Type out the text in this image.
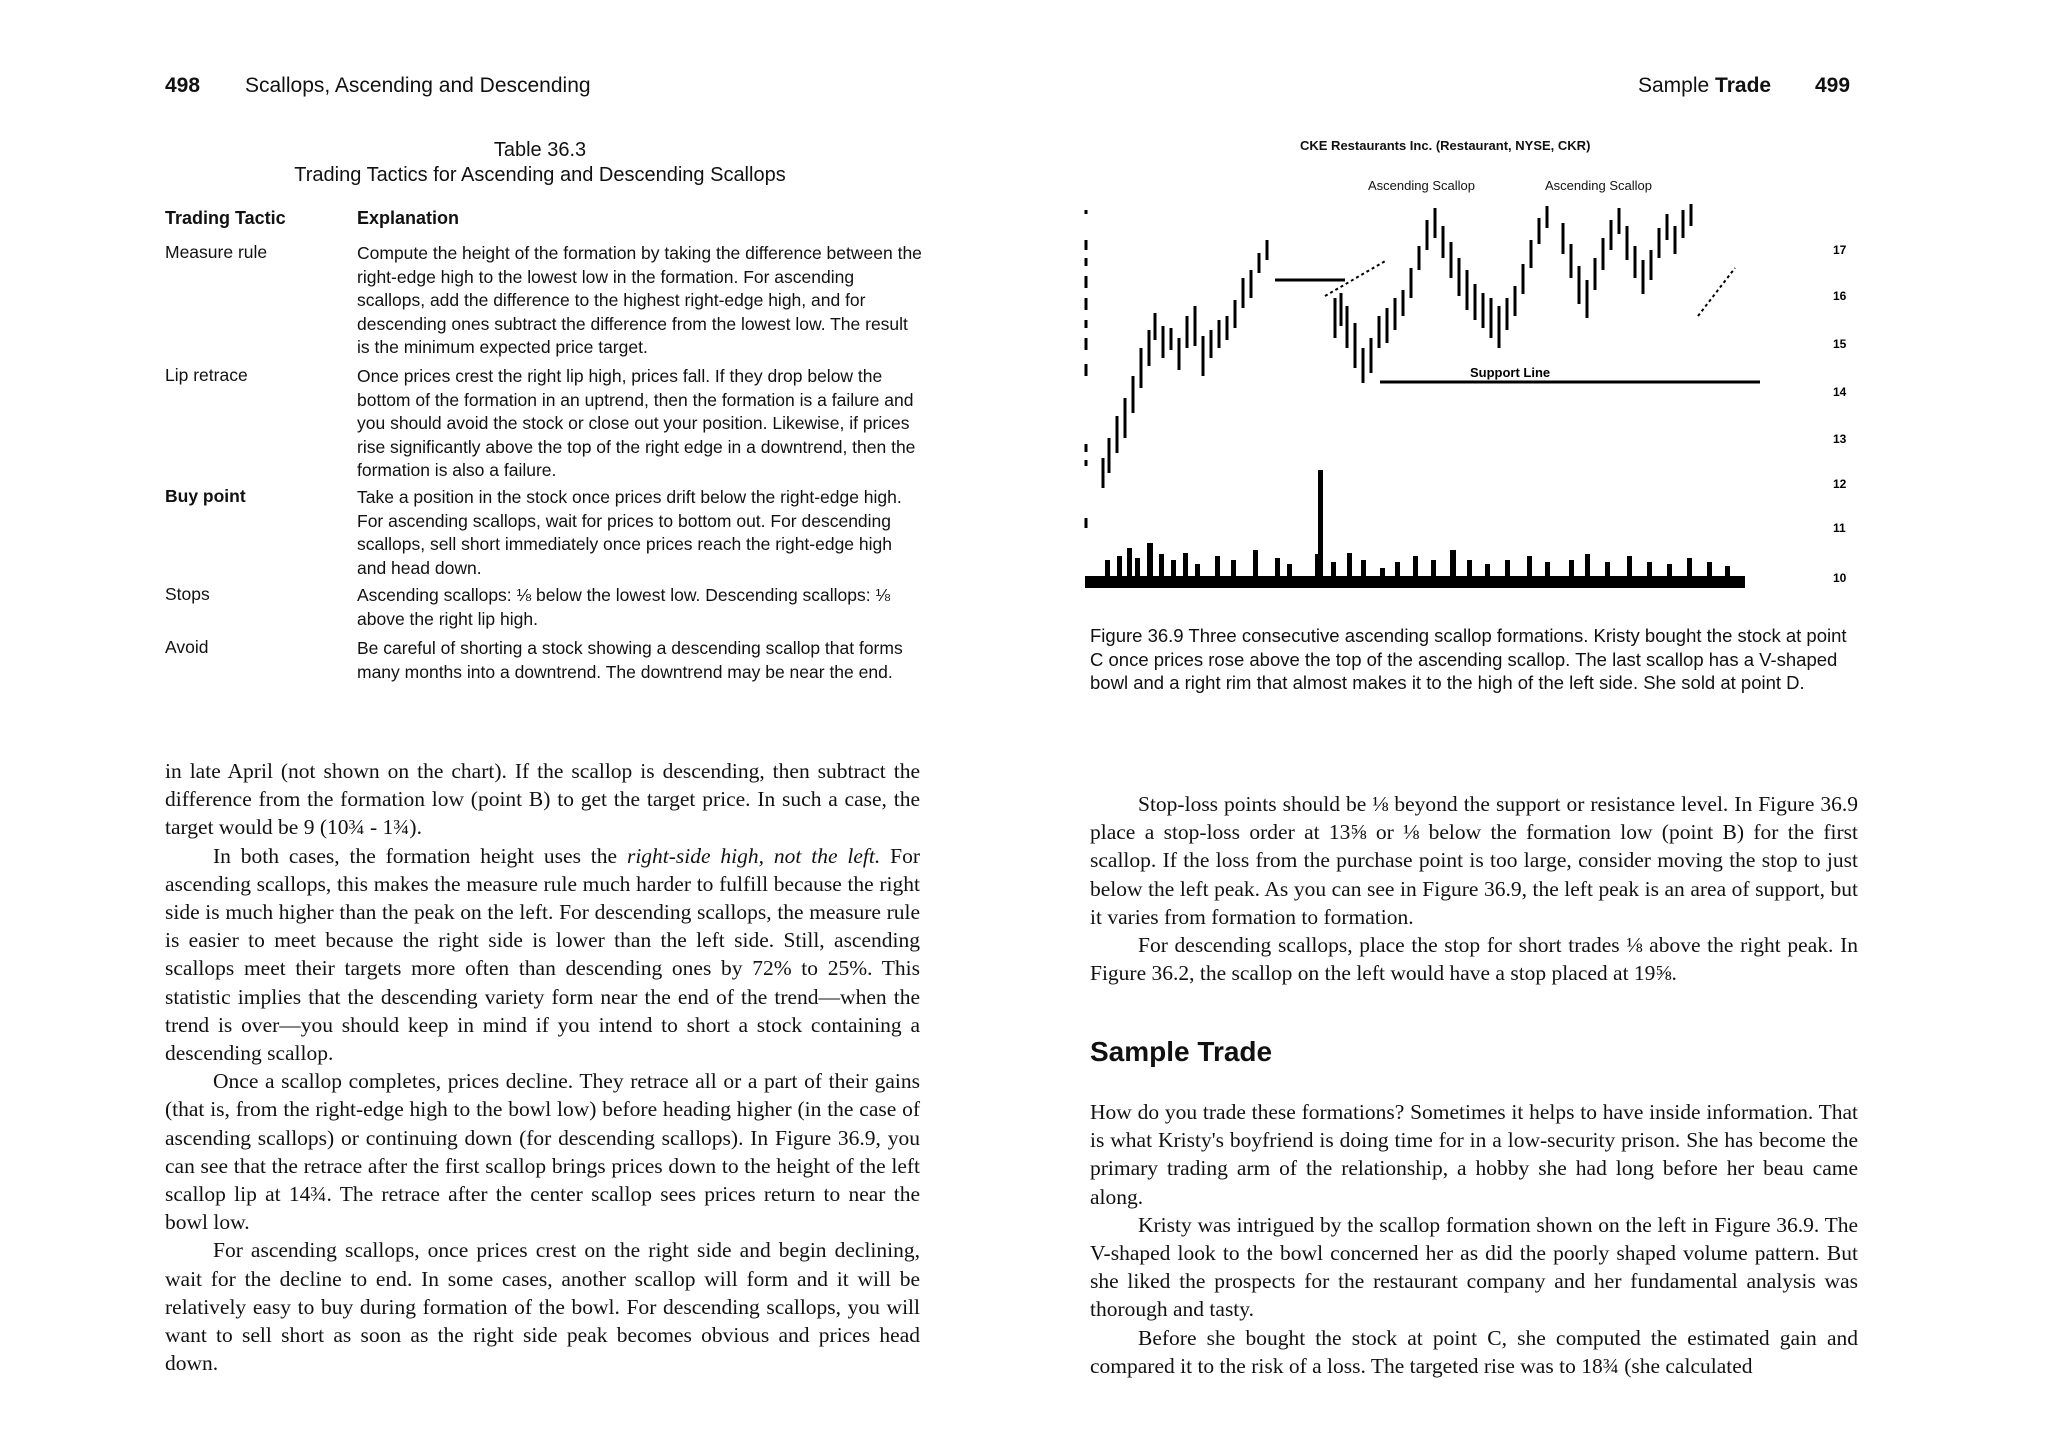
498 Scallops, Ascending and Descending
Table 36.3
Trading Tactics for Ascending and Descending Scallops
Trading Tactic	Explanation
Measure rule	Compute the height of the formation by taking the difference between the right-edge high to the lowest low in the formation. For ascending scallops, add the difference to the highest right-edge high, and for descending ones subtract the difference from the lowest low. The result is the minimum expected price target.
Lip retrace	Once prices crest the right lip high, prices fall. If they drop below the bottom of the formation in an uptrend, then the formation is a failure and you should avoid the stock or close out your position. Likewise, if prices rise significantly above the top of the right edge in a downtrend, then the formation is also a failure.
Buy point	Take a position in the stock once prices drift below the right-edge high. For ascending scallops, wait for prices to bottom out. For descending scallops, sell short immediately once prices reach the right-edge high and head down.
Stops	Ascending scallops: ⅛ below the lowest low. Descending scallops: ⅛ above the right lip high.
Avoid	Be careful of shorting a stock showing a descending scallop that forms many months into a downtrend. The downtrend may be near the end.

in late April (not shown on the chart). If the scallop is descending, then subtract the difference from the formation low (point B) to get the target price. In such a case, the target would be 9 (10¾ - 1¾).

In both cases, the formation height uses the right-side high, not the left. For ascending scallops, this makes the measure rule much harder to fulfill because the right side is much higher than the peak on the left. For descending scallops, the measure rule is easier to meet because the right side is lower than the left side. Still, ascending scallops meet their targets more often than descending ones by 72% to 25%. This statistic implies that the descending variety form near the end of the trend—when the trend is over—you should keep in mind if you intend to short a stock containing a descending scallop.

Once a scallop completes, prices decline. They retrace all or a part of their gains (that is, from the right-edge high to the bowl low) before heading higher (in the case of ascending scallops) or continuing down (for descending scallops). In Figure 36.9, you can see that the retrace after the first scallop brings prices down to the height of the left scallop lip at 14¾. The retrace after the center scallop sees prices return to near the bowl low.

For ascending scallops, once prices crest on the right side and begin declining, wait for the decline to end. In some cases, another scallop will form and it will be relatively easy to buy during formation of the bowl. For descending scallops, you will want to sell short as soon as the right side peak becomes obvious and prices head down.

Sample Trade 499
CKE Restaurants Inc. (Restaurant, NYSE, CKR)
Ascending Scallop	Ascending Scallop
Support Line
17
16
15
14
13
12
11
10
Figure 36.9 Three consecutive ascending scallop formations. Kristy bought the stock at point C once prices rose above the top of the ascending scallop. The last scallop has a V-shaped bowl and a right rim that almost makes it to the high of the left side. She sold at point D.

Stop-loss points should be ⅛ beyond the support or resistance level. In Figure 36.9 place a stop-loss order at 13⅝ or ⅛ below the formation low (point B) for the first scallop. If the loss from the purchase point is too large, consider moving the stop to just below the left peak. As you can see in Figure 36.9, the left peak is an area of support, but it varies from formation to formation.

For descending scallops, place the stop for short trades ⅛ above the right peak. In Figure 36.2, the scallop on the left would have a stop placed at 19⅝.

Sample Trade

How do you trade these formations? Sometimes it helps to have inside information. That is what Kristy's boyfriend is doing time for in a low-security prison. She has become the primary trading arm of the relationship, a hobby she had long before her beau came along.

Kristy was intrigued by the scallop formation shown on the left in Figure 36.9. The V-shaped look to the bowl concerned her as did the poorly shaped volume pattern. But she liked the prospects for the restaurant company and her fundamental analysis was thorough and tasty.

Before she bought the stock at point C, she computed the estimated gain and compared it to the risk of a loss. The targeted rise was to 18¾ (she calculated
